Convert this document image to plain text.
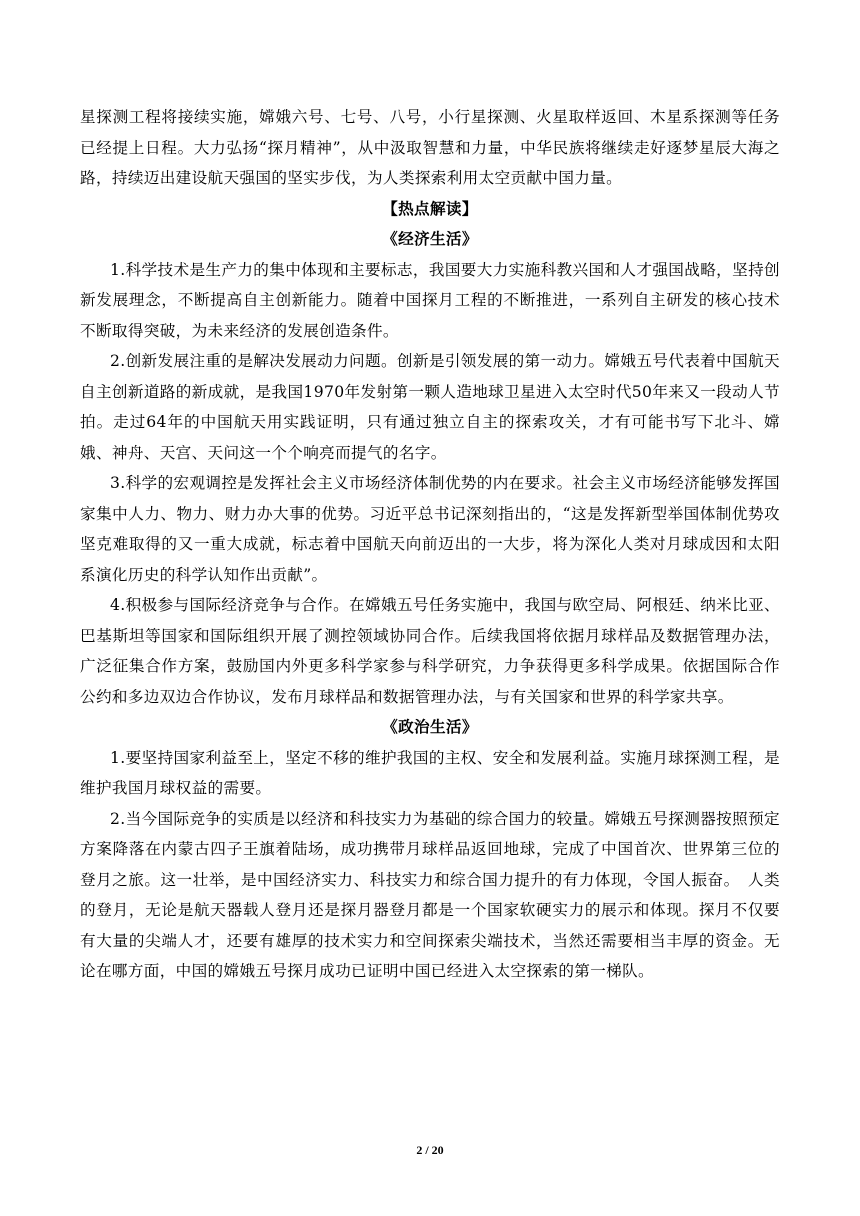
星探测工程将接续实施，嫦娥六号、七号、八号，小行星探测、火星取样返回、木星系探测等任务已经提上日程。大力弘扬“探月精神”，从中汲取智慧和力量，中华民族将继续走好逐梦星辰大海之路，持续迈出建设航天强国的坚实步伐，为人类探索利用太空贡献中国力量。

【热点解读】

《经济生活》

1.科学技术是生产力的集中体现和主要标志，我国要大力实施科教兴国和人才强国战略，坚持创新发展理念，不断提高自主创新能力。随着中国探月工程的不断推进，一系列自主研发的核心技术不断取得突破，为未来经济的发展创造条件。

2.创新发展注重的是解决发展动力问题。创新是引领发展的第一动力。嫦娥五号代表着中国航天自主创新道路的新成就，是我国1970年发射第一颗人造地球卫星进入太空时代50年来又一段动人节拍。走过64年的中国航天用实践证明，只有通过独立自主的探索攻关，才有可能书写下北斗、嫦娥、神舟、天宫、天问这一个个响亮而提气的名字。

3.科学的宏观调控是发挥社会主义市场经济体制优势的内在要求。社会主义市场经济能够发挥国家集中人力、物力、财力办大事的优势。习近平总书记深刻指出的，“这是发挥新型举国体制优势攻坚克难取得的又一重大成就，标志着中国航天向前迈出的一大步，将为深化人类对月球成因和太阳系演化历史的科学认知作出贡献”。

4.积极参与国际经济竞争与合作。在嫦娥五号任务实施中，我国与欧空局、阿根廷、纳米比亚、巴基斯坦等国家和国际组织开展了测控领域协同合作。后续我国将依据月球样品及数据管理办法，广泛征集合作方案，鼓励国内外更多科学家参与科学研究，力争获得更多科学成果。依据国际合作公约和多边双边合作协议，发布月球样品和数据管理办法，与有关国家和世界的科学家共享。

《政治生活》

1.要坚持国家利益至上，坚定不移的维护我国的主权、安全和发展利益。实施月球探测工程，是维护我国月球权益的需要。

2.当今国际竞争的实质是以经济和科技实力为基础的综合国力的较量。嫦娥五号探测器按照预定方案降落在内蒙古四子王旗着陆场，成功携带月球样品返回地球，完成了中国首次、世界第三位的登月之旅。这一壮举，是中国经济实力、科技实力和综合国力提升的有力体现，令国人振奋。　人类的登月，无论是航天器载人登月还是探月器登月都是一个国家软硬实力的展示和体现。探月不仅要有大量的尖端人才，还要有雄厚的技术实力和空间探索尖端技术，当然还需要相当丰厚的资金。无论在哪方面，中国的嫦娥五号探月成功已证明中国已经进入太空探索的第一梯队。

2 / 20
